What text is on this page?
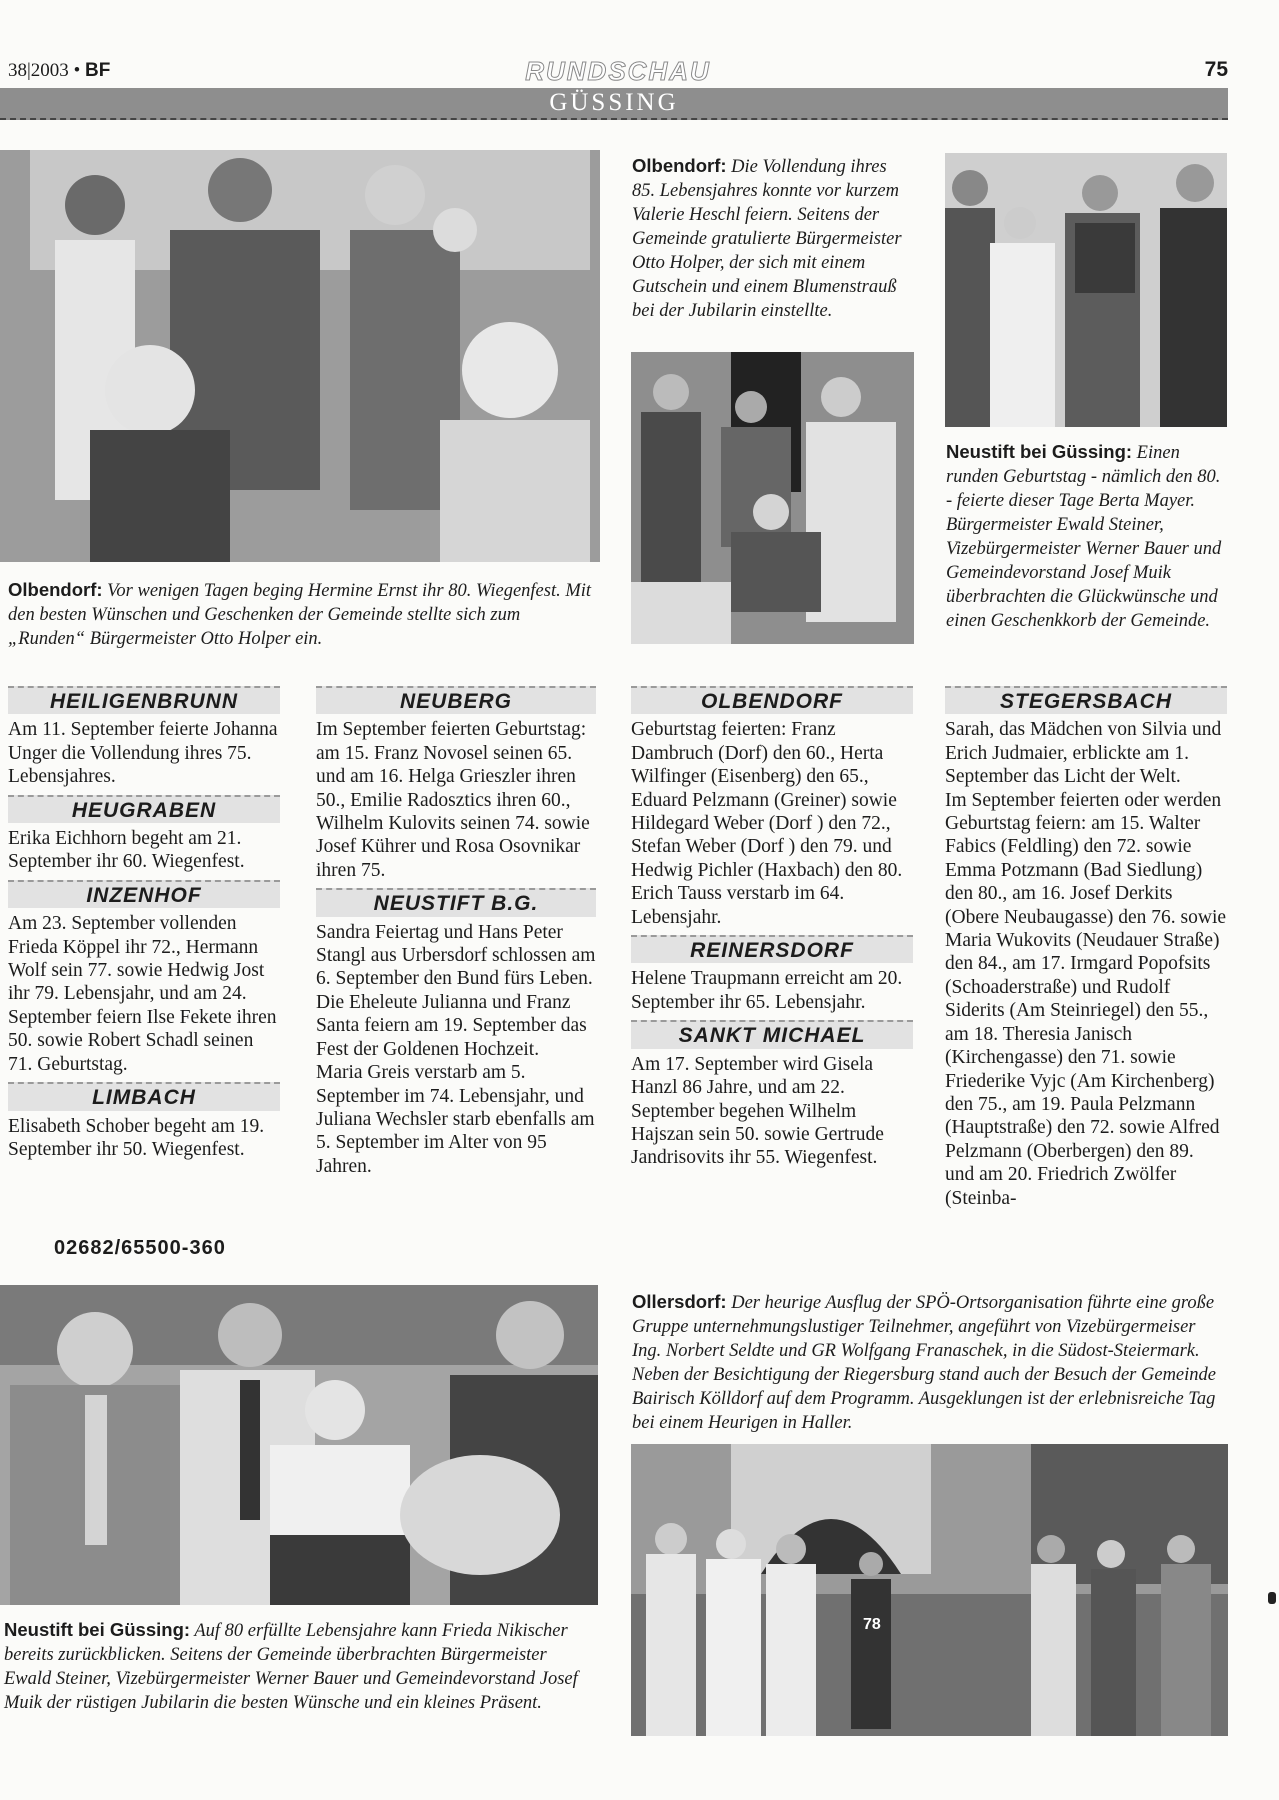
38|2003 • BF	RUNDSCHAU	75
GÜSSING
Olbendorf: Vor wenigen Tagen beging Hermine Ernst ihr 80. Wiegenfest. Mit den besten Wünschen und Geschenken der Gemeinde stellte sich zum „Runden“ Bürgermeister Otto Holper ein.
Olbendorf: Die Vollendung ihres 85. Lebensjahres konnte vor kurzem Valerie Heschl feiern. Seitens der Gemeinde gratulierte Bürgermeister Otto Holper, der sich mit einem Gutschein und einem Blumenstrauß bei der Jubilarin einstellte.
Neustift bei Güssing: Einen runden Geburtstag - nämlich den 80. - feierte dieser Tage Berta Mayer. Bürgermeister Ewald Steiner, Vizebürgermeister Werner Bauer und Gemeindevorstand Josef Muik überbrachten die Glückwünsche und einen Geschenkkorb der Gemeinde.
HEILIGENBRUNN

Am 11. September feierte Johanna Unger die Vollendung ihres 75. Lebensjahres.

HEUGRABEN

Erika Eichhorn begeht am 21. September ihr 60. Wiegenfest.

INZENHOF

Am 23. September vollenden Frieda Köppel ihr 72., Hermann Wolf sein 77. sowie Hedwig Jost ihr 79. Lebensjahr, und am 24. September feiern Ilse Fekete ihren 50. sowie Robert Schadl seinen 71. Geburtstag.

LIMBACH

Elisabeth Schober begeht am 19. September ihr 50. Wiegenfest.

02682/65500-360
NEUBERG

Im September feierten Geburtstag: am 15. Franz Novosel seinen 65. und am 16. Helga Grieszler ihren 50., Emilie Radosztics ihren 60., Wilhelm Kulovits seinen 74. sowie Josef Kührer und Rosa Osovnikar ihren 75.

NEUSTIFT B.G.

Sandra Feiertag und Hans Peter Stangl aus Urbersdorf schlossen am 6. September den Bund fürs Leben.

Die Eheleute Julianna und Franz Santa feiern am 19. September das Fest der Goldenen Hochzeit.

Maria Greis verstarb am 5. September im 74. Lebensjahr, und Juliana Wechsler starb ebenfalls am 5. September im Alter von 95 Jahren.

OLBENDORF

Geburtstag feierten: Franz Dambruch (Dorf) den 60., Herta Wilfinger (Eisenberg) den 65., Eduard Pelzmann (Greiner) sowie Hildegard Weber (Dorf ) den 72., Stefan Weber (Dorf ) den 79. und Hedwig Pichler (Haxbach) den 80.

Erich Tauss verstarb im 64. Lebensjahr.

REINERSDORF

Helene Traupmann erreicht am 20. September ihr 65. Lebensjahr.

SANKT MICHAEL

Am 17. September wird Gisela Hanzl 86 Jahre, und am 22. September begehen Wilhelm Hajszan sein 50. sowie Gertrude Jandrisovits ihr 55. Wiegenfest.

STEGERSBACH

Sarah, das Mädchen von Silvia und Erich Judmaier, erblickte am 1. September das Licht der Welt.

Im September feierten oder werden Geburtstag feiern: am 15. Walter Fabics (Feldling) den 72. sowie Emma Potzmann (Bad Siedlung) den 80., am 16. Josef Derkits (Obere Neubaugasse) den 76. sowie Maria Wukovits (Neudauer Straße) den 84., am 17. Irmgard Popofsits (Schoaderstraße) und Rudolf Siderits (Am Steinriegel) den 55., am 18. Theresia Janisch (Kirchengasse) den 71. sowie Friederike Vyjc (Am Kirchenberg) den 75., am 19. Paula Pelzmann (Hauptstraße) den 72. sowie Alfred Pelzmann (Oberbergen) den 89. und am 20. Friedrich Zwölfer (Steinba-

Neustift bei Güssing: Auf 80 erfüllte Lebensjahre kann Frieda Nikischer bereits zurückblicken. Seitens der Gemeinde überbrachten Bürgermeister Ewald Steiner, Vizebürgermeister Werner Bauer und Gemeindevorstand Josef Muik der rüstigen Jubilarin die besten Wünsche und ein kleines Präsent.
Ollersdorf: Der heurige Ausflug der SPÖ-Ortsorganisation führte eine große Gruppe unternehmungslustiger Teilnehmer, angeführt von Vizebürgermeiser Ing. Norbert Seldte und GR Wolfgang Franaschek, in die Südost-Steiermark. Neben der Besichtigung der Riegersburg stand auch der Besuch der Gemeinde Bairisch Kölldorf auf dem Programm. Ausgeklungen ist der erlebnisreiche Tag bei einem Heurigen in Haller.
78
